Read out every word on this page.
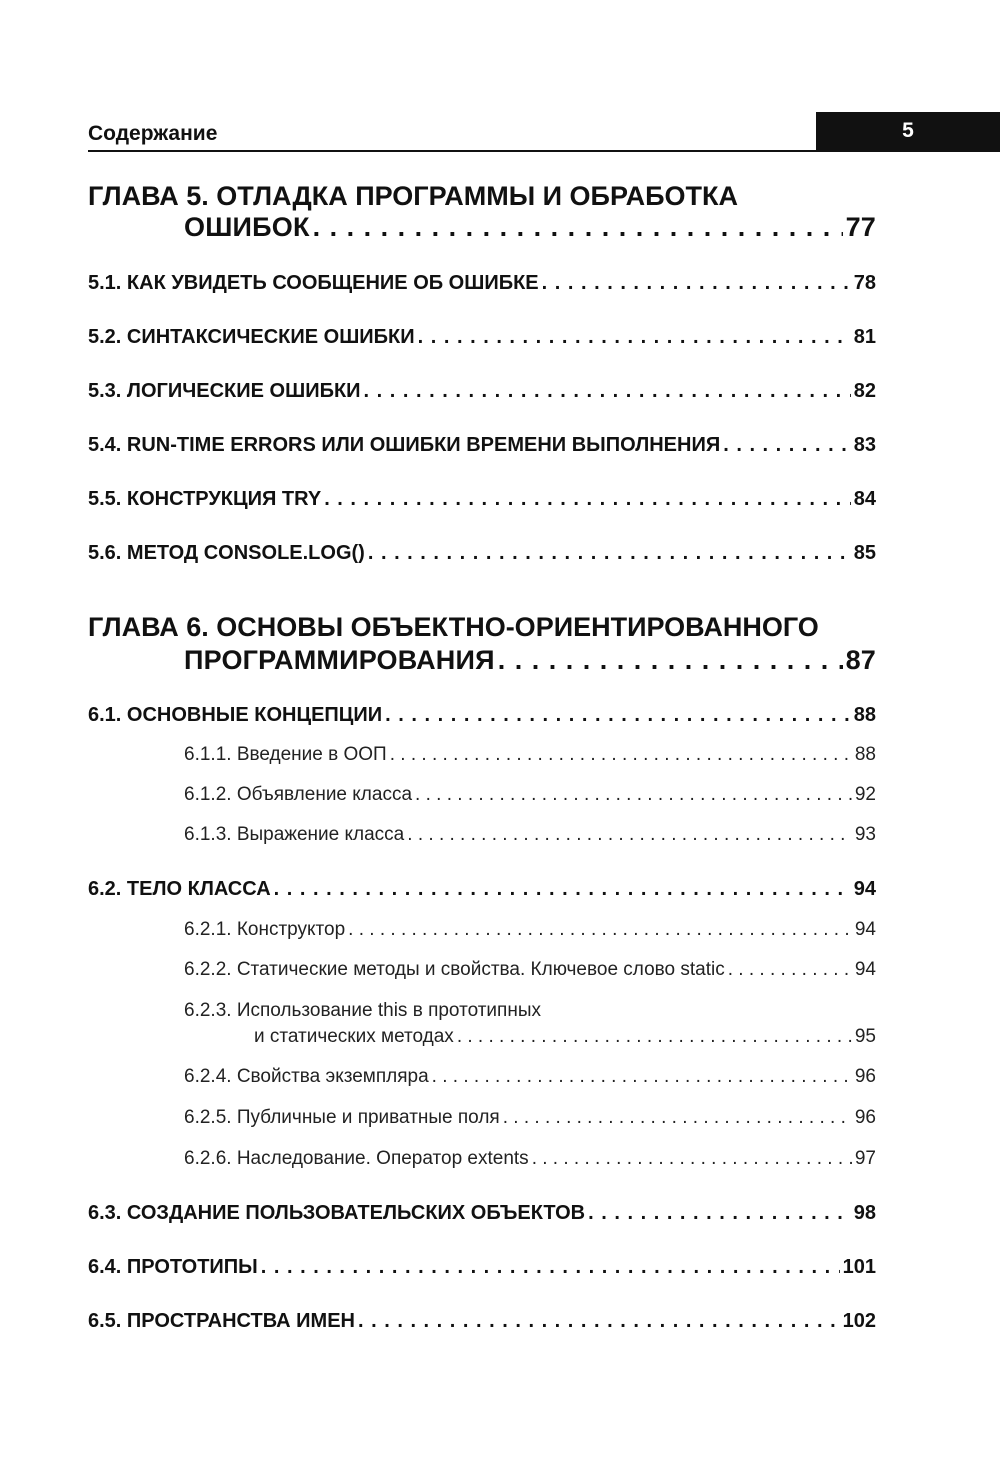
Содержание	5
ГЛАВА 5. ОТЛАДКА ПРОГРАММЫ И ОБРАБОТКА
ОШИБОК . . .	77
5.1. КАК УВИДЕТЬ СООБЩЕНИЕ ОБ ОШИБКЕ . . .	78
5.2. СИНТАКСИЧЕСКИЕ ОШИБКИ . . .	81
5.3. ЛОГИЧЕСКИЕ ОШИБКИ . . .	82
5.4. RUN-TIME ERRORS ИЛИ ОШИБКИ ВРЕМЕНИ ВЫПОЛНЕНИЯ . . .	83
5.5. КОНСТРУКЦИЯ TRY . . .	84
5.6. МЕТОД CONSOLE.LOG() . . .	85
ГЛАВА 6. ОСНОВЫ ОБЪЕКТНО-ОРИЕНТИРОВАННОГО
ПРОГРАММИРОВАНИЯ . . .	87
6.1. ОСНОВНЫЕ КОНЦЕПЦИИ . . .	88
6.1.1. Введение в ООП . . .	88
6.1.2. Объявление класса . . .	92
6.1.3. Выражение класса . . .	93
6.2. ТЕЛО КЛАССА . . .	94
6.2.1. Конструктор . . .	94
6.2.2. Статические методы и свойства. Ключевое слово static . . .	94
6.2.3. Использование this в прототипных
и статических методах . . .	95
6.2.4. Свойства экземпляра . . .	96
6.2.5. Публичные и приватные поля . . .	96
6.2.6. Наследование. Оператор extents . . .	97
6.3. СОЗДАНИЕ ПОЛЬЗОВАТЕЛЬСКИХ ОБЪЕКТОВ . . .	98
6.4. ПРОТОТИПЫ . . .	101
6.5. ПРОСТРАНСТВА ИМЕН . . .	102
